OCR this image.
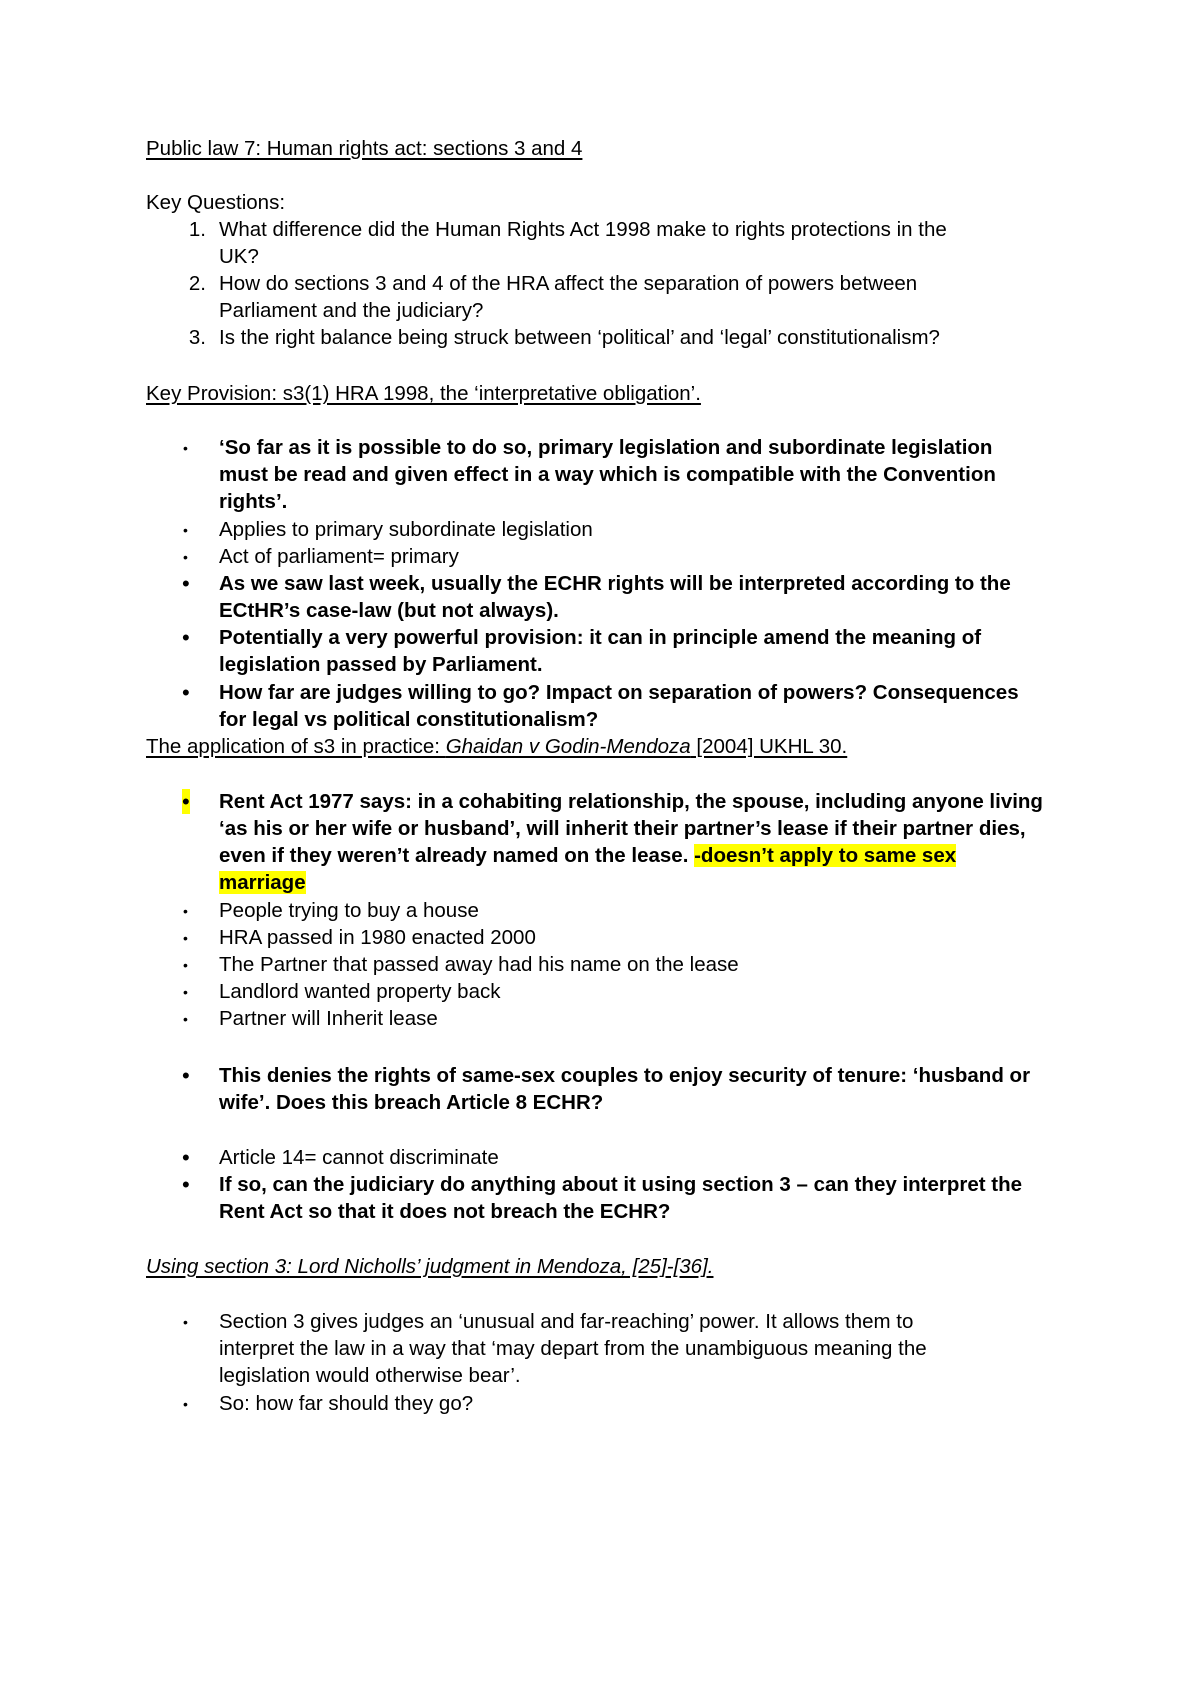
Public law 7: Human rights act: sections 3 and 4
Key Questions:
1. What difference did the Human Rights Act 1998 make to rights protections in the
UK?
2. How do sections 3 and 4 of the HRA affect the separation of powers between
Parliament and the judiciary?
3. Is the right balance being struck between ‘political’ and ‘legal’ constitutionalism?
Key Provision: s3(1) HRA 1998, the ‘interpretative obligation’.
• ‘So far as it is possible to do so, primary legislation and subordinate legislation
must be read and given effect in a way which is compatible with the Convention
rights’.
• Applies to primary subordinate legislation
• Act of parliament= primary
• As we saw last week, usually the ECHR rights will be interpreted according to the
ECtHR’s case-law (but not always).
• Potentially a very powerful provision: it can in principle amend the meaning of
legislation passed by Parliament.
• How far are judges willing to go? Impact on separation of powers? Consequences
for legal vs political constitutionalism?
The application of s3 in practice: Ghaidan v Godin-Mendoza [2004] UKHL 30.
• Rent Act 1977 says: in a cohabiting relationship, the spouse, including anyone living
‘as his or her wife or husband’, will inherit their partner’s lease if their partner dies,
even if they weren’t already named on the lease. -doesn’t apply to same sex
marriage
• People trying to buy a house
• HRA passed in 1980 enacted 2000
• The Partner that passed away had his name on the lease
• Landlord wanted property back
• Partner will Inherit lease
• This denies the rights of same-sex couples to enjoy security of tenure: ‘husband or
wife’. Does this breach Article 8 ECHR?
• Article 14= cannot discriminate
• If so, can the judiciary do anything about it using section 3 – can they interpret the
Rent Act so that it does not breach the ECHR?
Using section 3: Lord Nicholls’ judgment in Mendoza, [25]-[36].
• Section 3 gives judges an ‘unusual and far-reaching’ power. It allows them to
interpret the law in a way that ‘may depart from the unambiguous meaning the
legislation would otherwise bear’.
• So: how far should they go?
